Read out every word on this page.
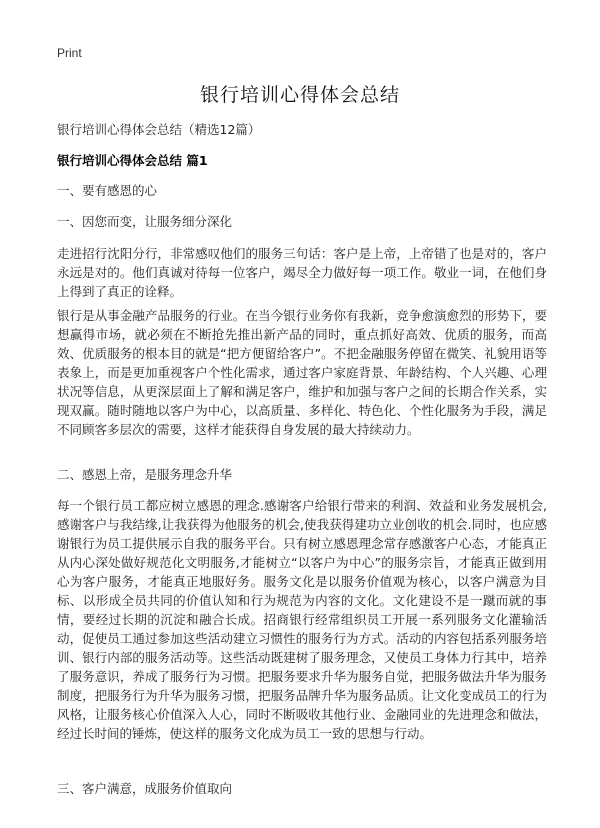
Print
银行培训心得体会总结
银行培训心得体会总结（精选12篇）
银行培训心得体会总结 篇1
一、要有感恩的心
一、因您而变，让服务细分深化

走进招行沈阳分行，非常感叹他们的服务三句话：客户是上帝，上帝错了也是对的，客户永远是对的。他们真诚对待每一位客户，竭尽全力做好每一项工作。敬业一词，在他们身上得到了真正的诠释。

银行是从事金融产品服务的行业。在当今银行业务你有我新，竞争愈演愈烈的形势下，要想赢得市场，就必须在不断抢先推出新产品的同时，重点抓好高效、优质的服务，而高效、优质服务的根本目的就是“把方便留给客户”。不把金融服务停留在微笑、礼貌用语等表象上，而是更加重视客户个性化需求，通过客户家庭背景、年龄结构、个人兴趣、心理状况等信息，从更深层面上了解和满足客户，维护和加强与客户之间的长期合作关系，实现双赢。随时随地以客户为中心，以高质量、多样化、特色化、个性化服务为手段，满足不同顾客多层次的需要，这样才能获得自身发展的最大持续动力。

二、感恩上帝，是服务理念升华

每一个银行员工都应树立感恩的理念.感谢客户给银行带来的利润、效益和业务发展机会,感谢客户与我结缘,让我获得为他服务的机会,使我获得建功立业创收的机会.同时，也应感谢银行为员工提供展示自我的服务平台。只有树立感恩理念常存感激客户心态，才能真正从内心深处做好规范化文明服务,才能树立“以客户为中心”的服务宗旨，才能真正做到用心为客户服务，才能真正地服好务。服务文化是以服务价值观为核心，以客户满意为目标、以形成全员共同的价值认知和行为规范为内容的文化。文化建设不是一蹴而就的事情，要经过长期的沉淀和融合长成。招商银行经常组织员工开展一系列服务文化灌输活动，促使员工通过参加这些活动建立习惯性的服务行为方式。活动的内容包括系列服务培训、银行内部的服务活动等。这些活动既建树了服务理念，又使员工身体力行其中，培养了服务意识，养成了服务行为习惯。把服务要求升华为服务自觉，把服务做法升华为服务制度，把服务行为升华为服务习惯，把服务品牌升华为服务品质。让文化变成员工的行为风格，让服务核心价值深入人心，同时不断吸收其他行业、金融同业的先进理念和做法，经过长时间的锤炼，使这样的服务文化成为员工一致的思想与行动。

三、客户满意，成服务价值取向
